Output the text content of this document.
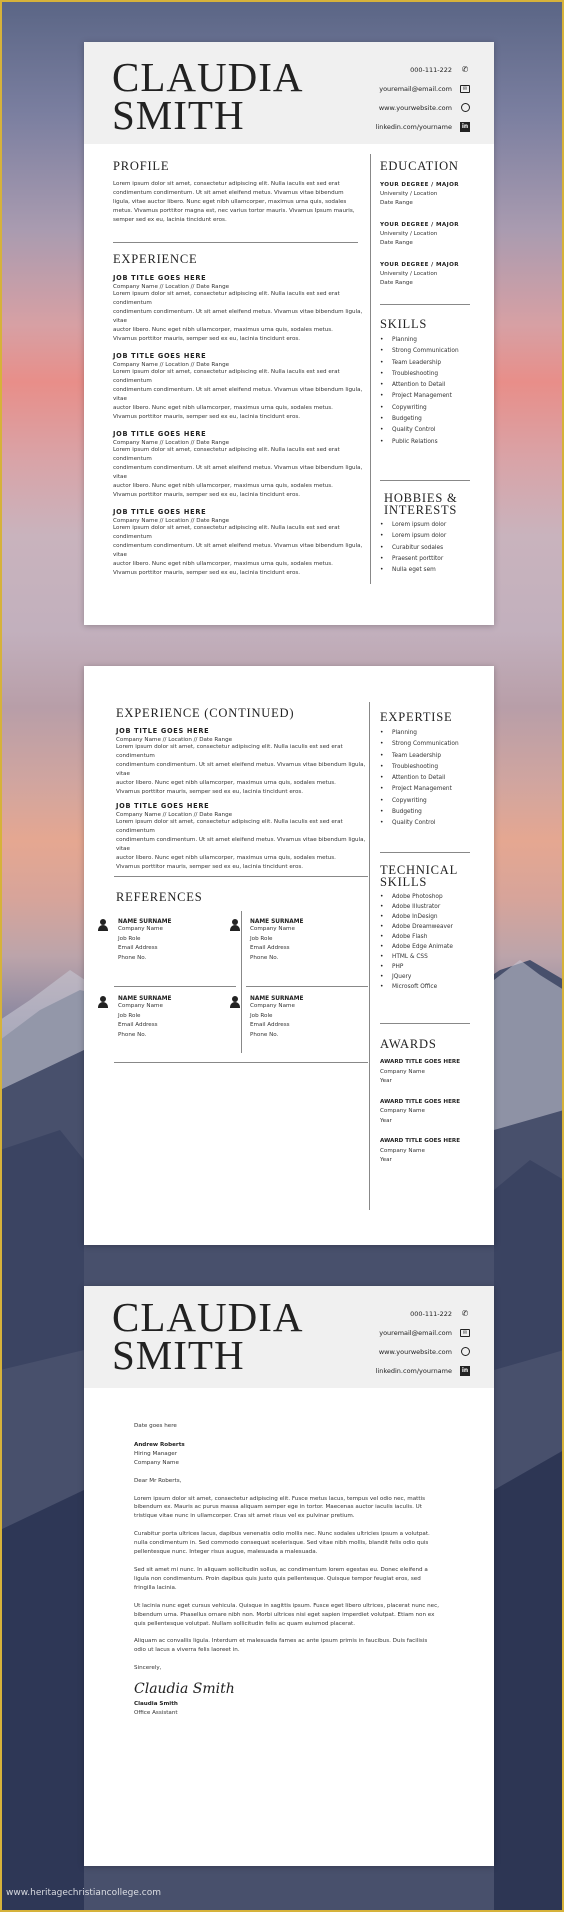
CLAUDIA
SMITH
000-111-222 ✆
youremail@email.com	✉
www.yourwebsite.com
linkedin.com/yourname	in
PROFILE
Lorem ipsum dolor sit amet, consectetur adipiscing elit. Nulla iaculis est sed erat
condimentum condimentum. Ut sit amet eleifend metus. Vivamus vitae bibendum
ligula, vitae auctor libero. Nunc eget nibh ullamcorper, maximus urna quis, sodales
metus. Vivamus porttitor magna est, nec varius tortor mauris. Vivamus Ipsum mauris,
semper sed ex eu, lacinia tincidunt eros.
EXPERIENCE
JOB TITLE GOES HERE
Company Name // Location // Date Range
Lorem ipsum dolor sit amet, consectetur adipiscing elit. Nulla iaculis est sed erat condimentum
condimentum condimentum. Ut sit amet eleifend metus. Vivamus vitae bibendum ligula, vitae
auctor libero. Nunc eget nibh ullamcorper, maximus urna quis, sodales metus.
Vivamus porttitor mauris, semper sed ex eu, lacinia tincidunt eros.
JOB TITLE GOES HERE
Company Name // Location // Date Range
Lorem ipsum dolor sit amet, consectetur adipiscing elit. Nulla iaculis est sed erat condimentum
condimentum condimentum. Ut sit amet eleifend metus. Vivamus vitae bibendum ligula, vitae
auctor libero. Nunc eget nibh ullamcorper, maximus urna quis, sodales metus.
Vivamus porttitor mauris, semper sed ex eu, lacinia tincidunt eros.
JOB TITLE GOES HERE
Company Name // Location // Date Range
Lorem ipsum dolor sit amet, consectetur adipiscing elit. Nulla iaculis est sed erat condimentum
condimentum condimentum. Ut sit amet eleifend metus. Vivamus vitae bibendum ligula, vitae
auctor libero. Nunc eget nibh ullamcorper, maximus urna quis, sodales metus.
Vivamus porttitor mauris, semper sed ex eu, lacinia tincidunt eros.
JOB TITLE GOES HERE
Company Name // Location // Date Range
Lorem ipsum dolor sit amet, consectetur adipiscing elit. Nulla iaculis est sed erat condimentum
condimentum condimentum. Ut sit amet eleifend metus. Vivamus vitae bibendum ligula, vitae
auctor libero. Nunc eget nibh ullamcorper, maximus urna quis, sodales metus.
Vivamus porttitor mauris, semper sed ex eu, lacinia tincidunt eros.
EDUCATION

YOUR DEGREE / MAJOR

University / Location

Date Range

YOUR DEGREE / MAJOR

University / Location

Date Range

YOUR DEGREE / MAJOR

University / Location

Date Range

SKILLS
• Planning
• Strong Communication
• Team Leadership
• Troubleshooting
• Attention to Detail
• Project Management
• Copywriting
• Budgeting
• Quality Control
• Public Relations
HOBBIES &
INTERESTS
• Lorem ipsum dolor
• Lorem ipsum dolor
• Curabitur sodales
• Praesent porttitor
• Nulla eget sem
EXPERIENCE (CONTINUED)
JOB TITLE GOES HERE
Company Name // Location // Date Range
Lorem ipsum dolor sit amet, consectetur adipiscing elit. Nulla iaculis est sed erat condimentum
condimentum condimentum. Ut sit amet eleifend metus. Vivamus vitae bibendum ligula, vitae
auctor libero. Nunc eget nibh ullamcorper, maximus urna quis, sodales metus.
Vivamus porttitor mauris, semper sed ex eu, lacinia tincidunt eros.
JOB TITLE GOES HERE
Company Name // Location // Date Range
Lorem ipsum dolor sit amet, consectetur adipiscing elit. Nulla iaculis est sed erat condimentum
condimentum condimentum. Ut sit amet eleifend metus. Vivamus vitae bibendum ligula, vitae
auctor libero. Nunc eget nibh ullamcorper, maximus urna quis, sodales metus.
Vivamus porttitor mauris, semper sed ex eu, lacinia tincidunt eros.
REFERENCES
NAME SURNAME

Company Name

Job Role

Email Address

Phone No.

NAME SURNAME

Company Name

Job Role

Email Address

Phone No.

NAME SURNAME

Company Name

Job Role

Email Address

Phone No.

NAME SURNAME

Company Name

Job Role

Email Address

Phone No.

EXPERTISE
• Planning
• Strong Communication
• Team Leadership
• Troubleshooting
• Attention to Detail
• Project Management
• Copywriting
• Budgeting
• Quality Control
TECHNICAL
SKILLS
• Adobe Photoshop
• Adobe Illustrator
• Adobe InDesign
• Adobe Dreamweaver
• Adobe Flash
• Adobe Edge Animate
• HTML & CSS
• PHP
• JQuery
• Microsoft Office
AWARDS

AWARD TITLE GOES HERE

Company Name

Year

AWARD TITLE GOES HERE

Company Name

Year

AWARD TITLE GOES HERE

Company Name

Year

CLAUDIA
SMITH
000-111-222 ✆
youremail@email.com	✉
www.yourwebsite.com
linkedin.com/yourname	in

Date goes here

Andrew Roberts

Hiring Manager

Company Name

Dear Mr Roberts,

Lorem ipsum dolor sit amet, consectetur adipiscing elit. Fusce metus lacus, tempus vel odio nec, mattis

bibendum ex. Mauris ac purus massa aliquam semper ege in tortor. Maecenas auctor iaculis iaculis. Ut

tristique vitae nunc in ullamcorper. Cras sit amet risus vel ex pulvinar pretium.

Curabitur porta ultrices lacus, dapibus venenatis odio mollis nec. Nunc sodales ultricies ipsum a volutpat.

nulla condimentum in. Sed commodo consequat scelerisque. Sed vitae nibh mollis, blandit felis odio quis

pellentesque nunc. Integer risus augue, malesuada a malesuada.

Sed sit amet mi nunc. In aliquam sollicitudin sollus, ac condimentum lorem egestas eu. Donec eleifend a

ligula non condimentum. Proin dapibus quis justo quis pellentesque. Quisque tempor feugiat eros, sed

fringilla lacinia.

Ut lacinia nunc eget cursus vehicula. Quisque in sagittis ipsum. Fusce eget libero ultrices, placerat nunc nec,

bibendum urna. Phasellus ornare nibh non. Morbi ultrices nisi eget sapien imperdiet volutpat. Etiam non ex

quis pellentesque volutpat. Nullam sollicitudin felis ac quam euismod placerat.

Aliquam ac convallis ligula. Interdum et malesuada fames ac ante ipsum primis in faucibus. Duis facilisis

odio ut lacus a viverra felis laoreet in.

Sincerely,

Claudia Smith

Claudia Smith

Office Assistant

www.heritagechristiancollege.com
